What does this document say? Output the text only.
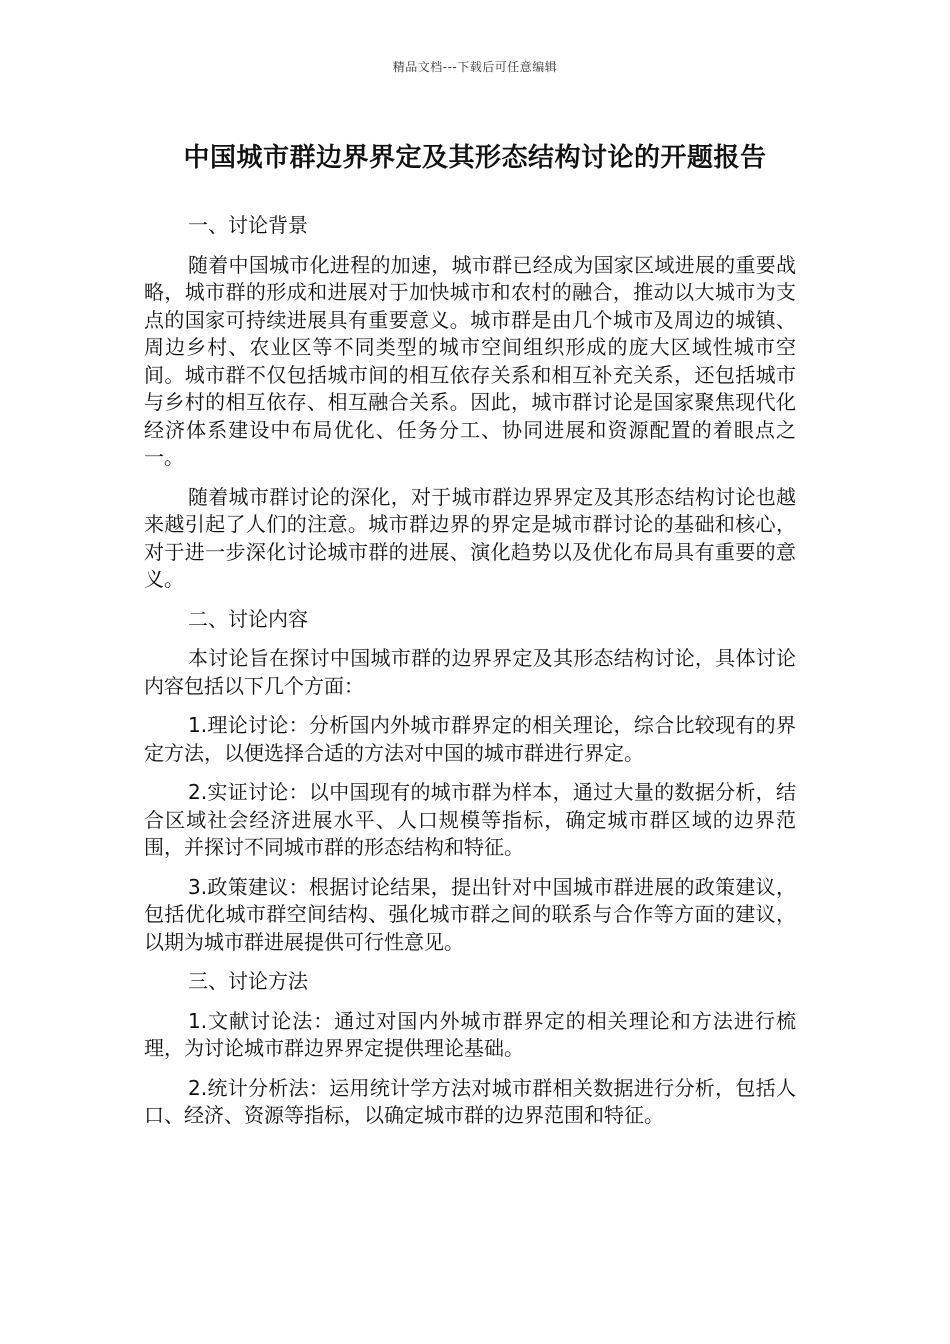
精品文档---下载后可任意编辑
中国城市群边界界定及其形态结构讨论的开题报告

一、讨论背景

随着中国城市化进程的加速，城市群已经成为国家区域进展的重要战略，城市群的形成和进展对于加快城市和农村的融合，推动以大城市为支点的国家可持续进展具有重要意义。城市群是由几个城市及周边的城镇、周边乡村、农业区等不同类型的城市空间组织形成的庞大区域性城市空间。城市群不仅包括城市间的相互依存关系和相互补充关系，还包括城市与乡村的相互依存、相互融合关系。因此，城市群讨论是国家聚焦现代化经济体系建设中布局优化、任务分工、协同进展和资源配置的着眼点之一。

随着城市群讨论的深化，对于城市群边界界定及其形态结构讨论也越来越引起了人们的注意。城市群边界的界定是城市群讨论的基础和核心，对于进一步深化讨论城市群的进展、演化趋势以及优化布局具有重要的意义。

二、讨论内容

本讨论旨在探讨中国城市群的边界界定及其形态结构讨论，具体讨论内容包括以下几个方面：

1.理论讨论：分析国内外城市群界定的相关理论，综合比较现有的界定方法，以便选择合适的方法对中国的城市群进行界定。

2.实证讨论：以中国现有的城市群为样本，通过大量的数据分析，结合区域社会经济进展水平、人口规模等指标，确定城市群区域的边界范围，并探讨不同城市群的形态结构和特征。

3.政策建议：根据讨论结果，提出针对中国城市群进展的政策建议，包括优化城市群空间结构、强化城市群之间的联系与合作等方面的建议，以期为城市群进展提供可行性意见。

三、讨论方法

1.文献讨论法：通过对国内外城市群界定的相关理论和方法进行梳理，为讨论城市群边界界定提供理论基础。

2.统计分析法：运用统计学方法对城市群相关数据进行分析，包括人口、经济、资源等指标，以确定城市群的边界范围和特征。
